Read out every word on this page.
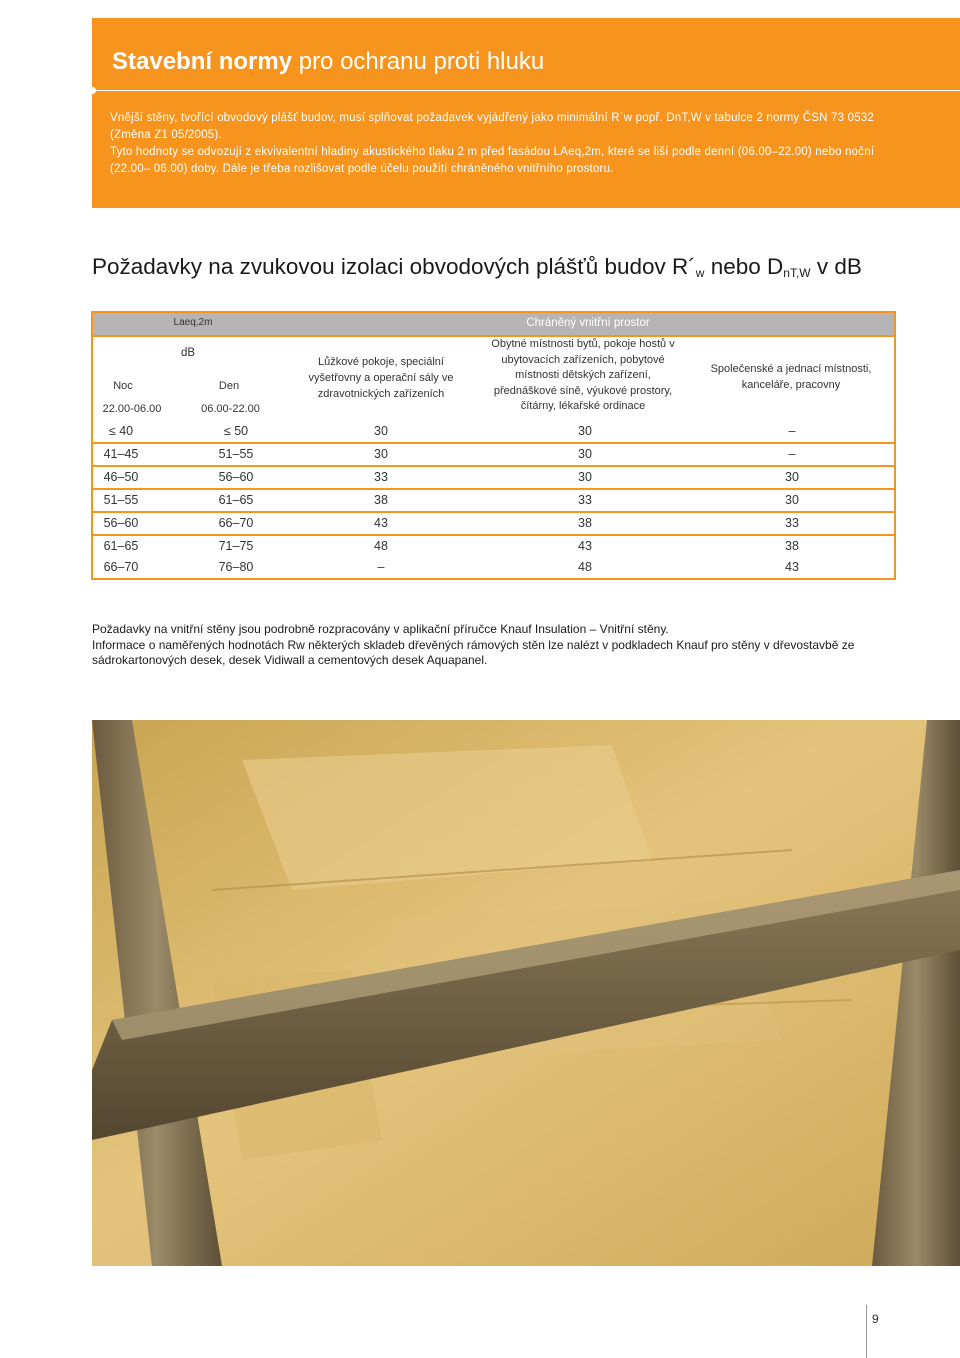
Stavební normy pro ochranu proti hluku

Vnější stěny, tvořící obvodový plášť budov, musí splňovat požadavek vyjádřený jako minimální R´w popř. DnT,W v tabulce 2 normy ČSN 73 0532 (Změna Z1 05/2005).

Tyto hodnoty se odvozují z ekvivalentní hladiny akustického tlaku 2 m před fasádou LAeq,2m, které se liší podle denní (06.00–22.00) nebo noční (22.00– 06.00) doby. Dále je třeba rozlišovat podle účelu použití chráněného vnitřního prostoru.

Požadavky na zvukovou izolaci obvodových plášťů budov $R´_w$ nebo $D_{nT,W}$ v dB
Laeq,2m	Chráněný vnitřní prostor
dB
Noc	Den
22.00-06.00	06.00-22.00
Lůžkové pokoje, speciální vyšetřovny a operační sály ve zdravotnických zařízeních
Obytné místnosti bytů, pokoje hostů v ubytovacích zařízeních, pobytové místnosti dětských zařízení, přednáškové síně, výukové prostory, čítárny, lékařské ordinace
Společenské a jednací místnosti, kanceláře, pracovny
≤ 40	≤ 50	30	30	–
41–45	51–55	30	30	–
46–50	56–60	33	30	30
51–55	61–65	38	33	30
56–60	66–70	43	38	33
61–65	71–75	48	43	38
66–70	76–80	–	48	43

Požadavky na vnitřní stěny jsou podrobně rozpracovány v aplikační příručce Knauf Insulation – Vnitřní stěny.

Informace o naměřených hodnotách Rw některých skladeb dřevěných rámových stěn lze nalézt v podkladech Knauf pro stěny v dřevostavbě ze sádrokartonových desek, desek Vidiwall a cementových desek Aquapanel.

9
